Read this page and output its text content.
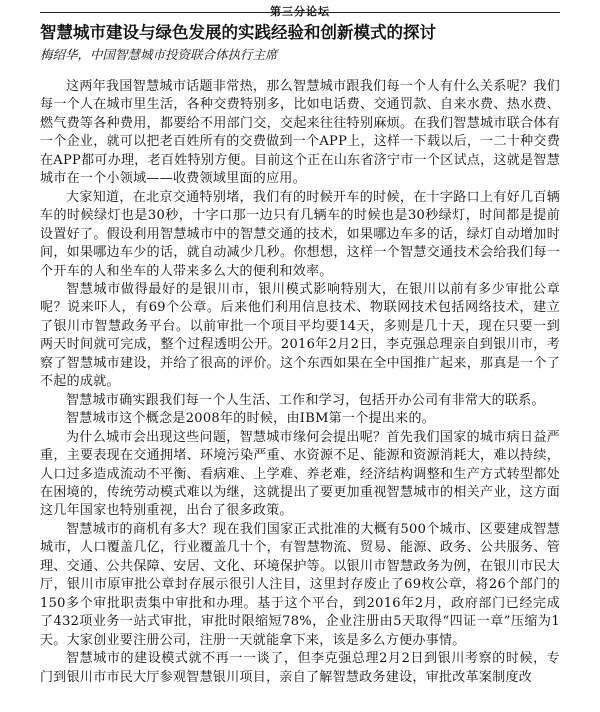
第三分论坛
智慧城市建设与绿色发展的实践经验和创新模式的探讨
梅绍华，中国智慧城市投资联合体执行主席

这两年我国智慧城市话题非常热，那么智慧城市跟我们每一个人有什么关系呢？我们每一个人在城市里生活，各种交费特别多，比如电话费、交通罚款、自来水费、热水费、燃气费等各种费用，都要给不用部门交，交起来往往特别麻烦。在我们智慧城市联合体有一个企业，就可以把老百姓所有的交费做到一个APP上，这样一下载以后，一二十种交费在APP都可办理，老百姓特别方便。目前这个正在山东省济宁市一个区试点，这就是智慧城市在一个小领域——收费领域里面的应用。

大家知道，在北京交通特别堵，我们有的时候开车的时候，在十字路口上有好几百辆车的时候绿灯也是30秒，十字口那一边只有几辆车的时候也是30秒绿灯，时间都是提前设置好了。假设利用智慧城市中的智慧交通的技术，如果哪边车多的话，绿灯自动增加时间，如果哪边车少的话，就自动减少几秒。你想想，这样一个智慧交通技术会给我们每一个开车的人和坐车的人带来多么大的便利和效率。

智慧城市做得最好的是银川市，银川模式影响特别大，在银川以前有多少审批公章呢？说来吓人，有69个公章。后来他们利用信息技术、物联网技术包括网络技术，建立了银川市智慧政务平台。以前审批一个项目平均要14天，多则是几十天，现在只要一到两天时间就可完成，整个过程透明公开。2016年2月2日，李克强总理亲自到银川市，考察了智慧城市建设，并给了很高的评价。这个东西如果在全中国推广起来，那真是一个了不起的成就。

智慧城市确实跟我们每一个人生活、工作和学习，包括开办公司有非常大的联系。

智慧城市这个概念是2008年的时候，由IBM第一个提出来的。

为什么城市会出现这些问题，智慧城市缘何会提出呢？首先我们国家的城市病日益严重，主要表现在交通拥堵、环境污染严重、水资源不足、能源和资源消耗大，难以持续，人口过多造成流动不平衡、看病难、上学难、养老难，经济结构调整和生产方式转型都处在困境的，传统劳动模式难以为继，这就提出了要更加重视智慧城市的相关产业，这方面这几年国家也特别重视，出台了很多政策。

智慧城市的商机有多大？现在我们国家正式批准的大概有500个城市、区要建成智慧城市，人口覆盖几亿，行业覆盖几十个，有智慧物流、贸易、能源、政务、公共服务、管理、交通、公共保障、安居、文化、环境保护等。以银川市智慧政务为例，在银川市民大厅，银川市原审批公章封存展示很引人注目，这里封存废止了69枚公章，将26个部门的150多个审批职责集中审批和办理。基于这个平台，到2016年2月，政府部门已经完成了432项业务一站式审批，审批时限缩短78%，企业注册由5天取得“四证一章”压缩为1天。大家创业要注册公司，注册一天就能拿下来，该是多么方便办事情。

智慧城市的建设模式就不再一一谈了，但李克强总理2月2日到银川考察的时候，专门到银川市市民大厅参观智慧银川项目，亲自了解智慧政务建设，审批改革案制度改
